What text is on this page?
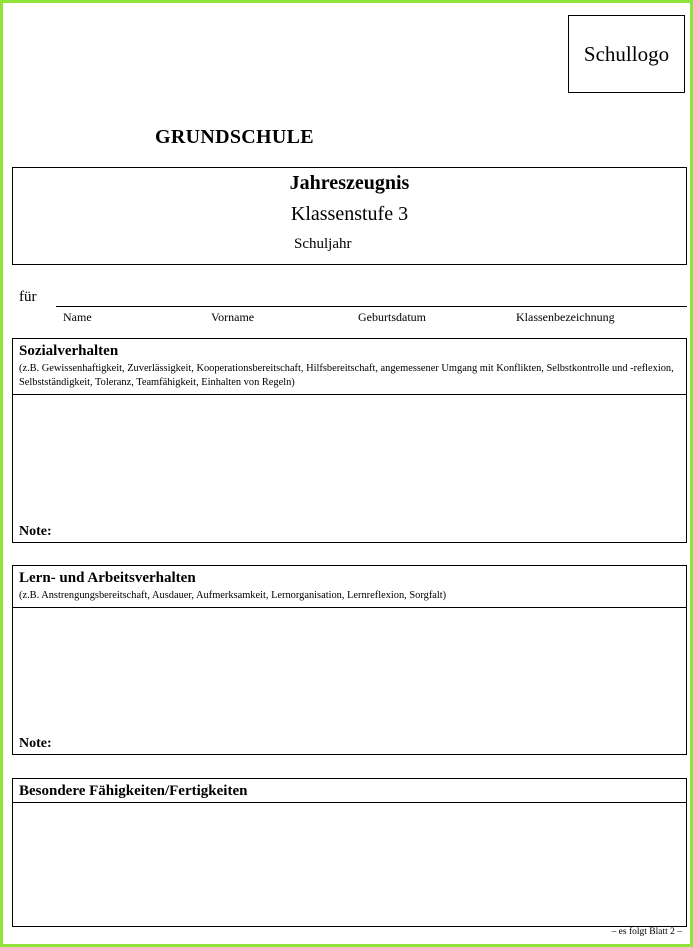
Schullogo
GRUNDSCHULE
Jahreszeugnis
Klassenstufe 3
Schuljahr
für
Name	Vorname	Geburtsdatum	Klassenbezeichnung
Sozialverhalten
(z.B. Gewissenhaftigkeit, Zuverlässigkeit, Kooperationsbereitschaft, Hilfsbereitschaft, angemessener Umgang mit Konflikten, Selbstkontrolle und -reflexion, Selbstständigkeit, Toleranz, Teamfähigkeit, Einhalten von Regeln)
Note:
Lern- und Arbeitsverhalten
(z.B. Anstrengungsbereitschaft, Ausdauer, Aufmerksamkeit, Lernorganisation, Lernreflexion, Sorgfalt)
Note:
Besondere Fähigkeiten/Fertigkeiten
– es folgt Blatt 2 –
